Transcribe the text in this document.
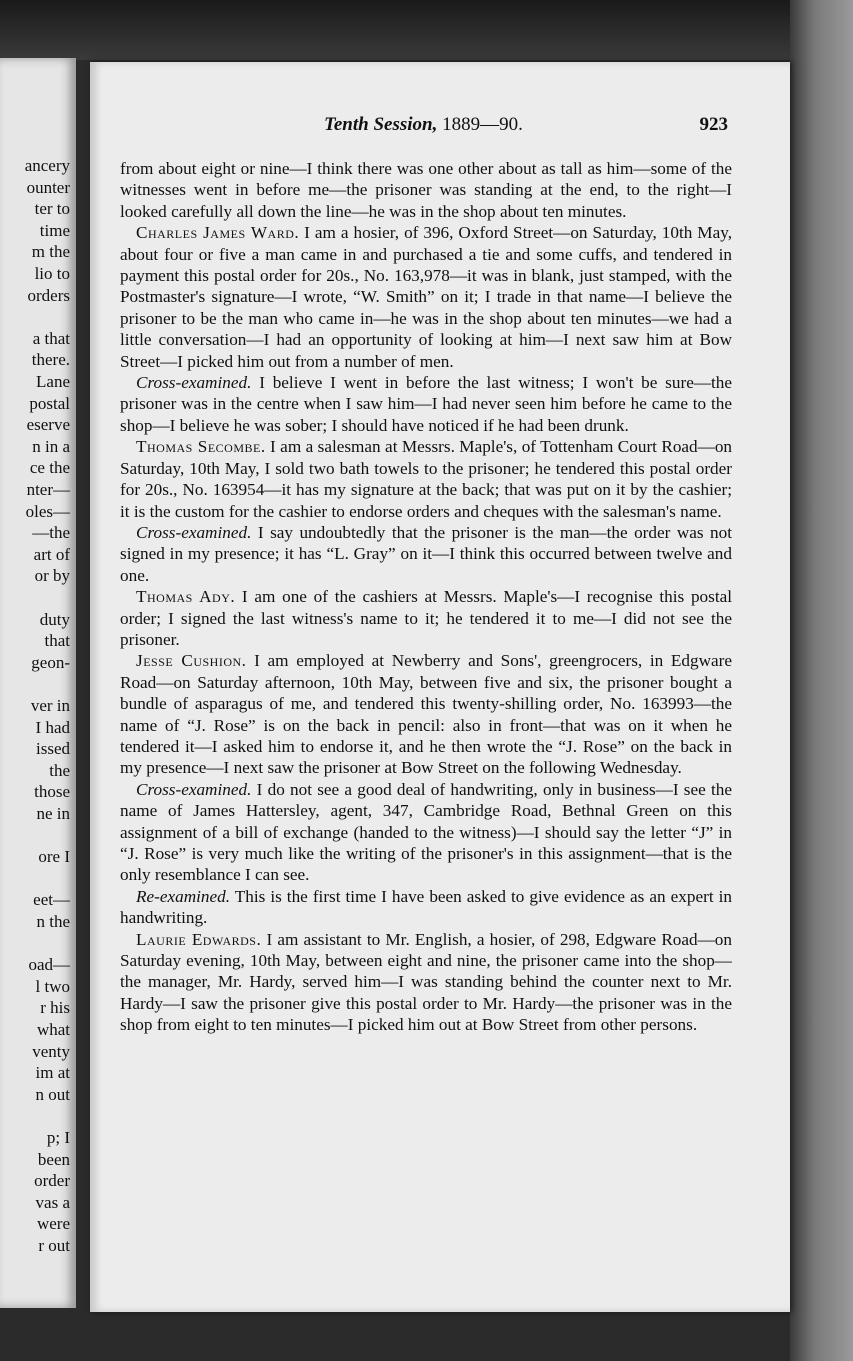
ancery
ounter
ter to
time
m the
lio to
orders
a that
there.
Lane
postal
eserve
n in a
ce the
nter—
oles—
—the
art of
or by
duty
that
geon-
ver in
I had
issed
the
those
ne in
ore I
eet—
n the
oad—
l two
r his
what
venty
im at
n out
p; I
been
order
vas a
were
r out
Tenth Session, 1889—90.	923

from about eight or nine—I think there was one other about as tall as him—some of the witnesses went in before me—the prisoner was standing at the end, to the right—I looked carefully all down the line—he was in the shop about ten minutes.

Charles James Ward. I am a hosier, of 396, Oxford Street—on Saturday, 10th May, about four or five a man came in and purchased a tie and some cuffs, and tendered in payment this postal order for 20s., No. 163,978—it was in blank, just stamped, with the Postmaster's signature—I wrote, “W. Smith” on it; I trade in that name—I believe the prisoner to be the man who came in—he was in the shop about ten minutes—we had a little conversation—I had an opportunity of looking at him—I next saw him at Bow Street—I picked him out from a number of men.

Cross-examined. I believe I went in before the last witness; I won't be sure—the prisoner was in the centre when I saw him—I had never seen him before he came to the shop—I believe he was sober; I should have noticed if he had been drunk.

Thomas Secombe. I am a salesman at Messrs. Maple's, of Tottenham Court Road—on Saturday, 10th May, I sold two bath towels to the prisoner; he tendered this postal order for 20s., No. 163954—it has my signature at the back; that was put on it by the cashier; it is the custom for the cashier to endorse orders and cheques with the salesman's name.

Cross-examined. I say undoubtedly that the prisoner is the man—the order was not signed in my presence; it has “L. Gray” on it—I think this occurred between twelve and one.

Thomas Ady. I am one of the cashiers at Messrs. Maple's—I recognise this postal order; I signed the last witness's name to it; he tendered it to me—I did not see the prisoner.

Jesse Cushion. I am employed at Newberry and Sons', greengrocers, in Edgware Road—on Saturday afternoon, 10th May, between five and six, the prisoner bought a bundle of asparagus of me, and tendered this twenty-shilling order, No. 163993—the name of “J. Rose” is on the back in pencil: also in front—that was on it when he tendered it—I asked him to endorse it, and he then wrote the “J. Rose” on the back in my presence—I next saw the prisoner at Bow Street on the following Wednesday.

Cross-examined. I do not see a good deal of handwriting, only in business—I see the name of James Hattersley, agent, 347, Cambridge Road, Bethnal Green on this assignment of a bill of exchange (handed to the witness)—I should say the letter “J” in “J. Rose” is very much like the writing of the prisoner's in this assignment—that is the only resemblance I can see.

Re-examined. This is the first time I have been asked to give evidence as an expert in handwriting.

Laurie Edwards. I am assistant to Mr. English, a hosier, of 298, Edgware Road—on Saturday evening, 10th May, between eight and nine, the prisoner came into the shop—the manager, Mr. Hardy, served him—I was standing behind the counter next to Mr. Hardy—I saw the prisoner give this postal order to Mr. Hardy—the prisoner was in the shop from eight to ten minutes—I picked him out at Bow Street from other persons.
